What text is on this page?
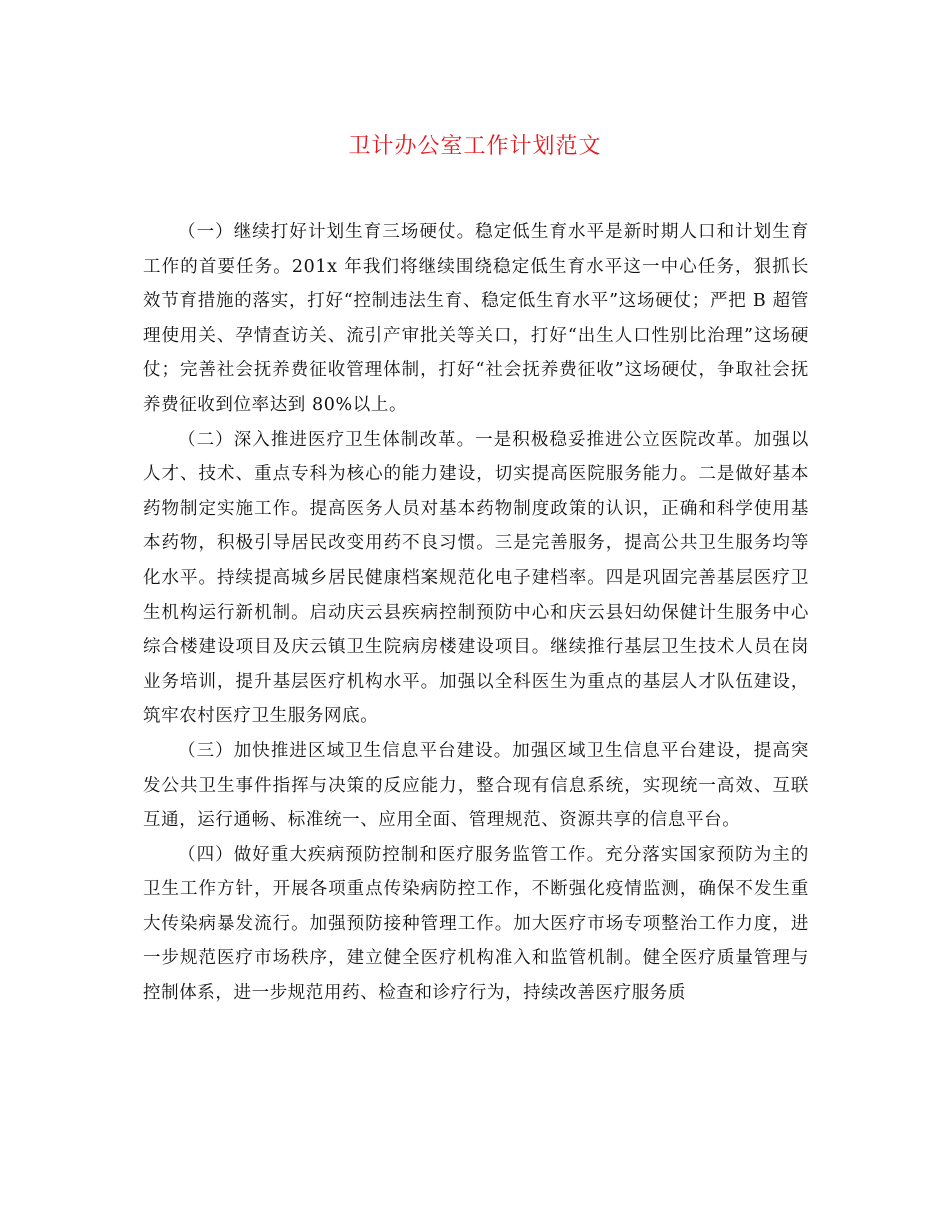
卫计办公室工作计划范文

（一）继续打好计划生育三场硬仗。稳定低生育水平是新时期人口和计划生育工作的首要任务。201x 年我们将继续围绕稳定低生育水平这一中心任务，狠抓长效节育措施的落实，打好“控制违法生育、稳定低生育水平”这场硬仗；严把 B 超管理使用关、孕情查访关、流引产审批关等关口，打好“出生人口性别比治理”这场硬仗；完善社会抚养费征收管理体制，打好“社会抚养费征收”这场硬仗，争取社会抚养费征收到位率达到 80%以上。

（二）深入推进医疗卫生体制改革。一是积极稳妥推进公立医院改革。加强以人才、技术、重点专科为核心的能力建设，切实提高医院服务能力。二是做好基本药物制定实施工作。提高医务人员对基本药物制度政策的认识，正确和科学使用基本药物，积极引导居民改变用药不良习惯。三是完善服务，提高公共卫生服务均等化水平。持续提高城乡居民健康档案规范化电子建档率。四是巩固完善基层医疗卫生机构运行新机制。启动庆云县疾病控制预防中心和庆云县妇幼保健计生服务中心综合楼建设项目及庆云镇卫生院病房楼建设项目。继续推行基层卫生技术人员在岗业务培训，提升基层医疗机构水平。加强以全科医生为重点的基层人才队伍建设，筑牢农村医疗卫生服务网底。

（三）加快推进区域卫生信息平台建设。加强区域卫生信息平台建设，提高突发公共卫生事件指挥与决策的反应能力，整合现有信息系统，实现统一高效、互联互通，运行通畅、标准统一、应用全面、管理规范、资源共享的信息平台。

（四）做好重大疾病预防控制和医疗服务监管工作。充分落实国家预防为主的卫生工作方针，开展各项重点传染病防控工作，不断强化疫情监测，确保不发生重大传染病暴发流行。加强预防接种管理工作。加大医疗市场专项整治工作力度，进一步规范医疗市场秩序，建立健全医疗机构准入和监管机制。健全医疗质量管理与控制体系，进一步规范用药、检查和诊疗行为，持续改善医疗服务质
